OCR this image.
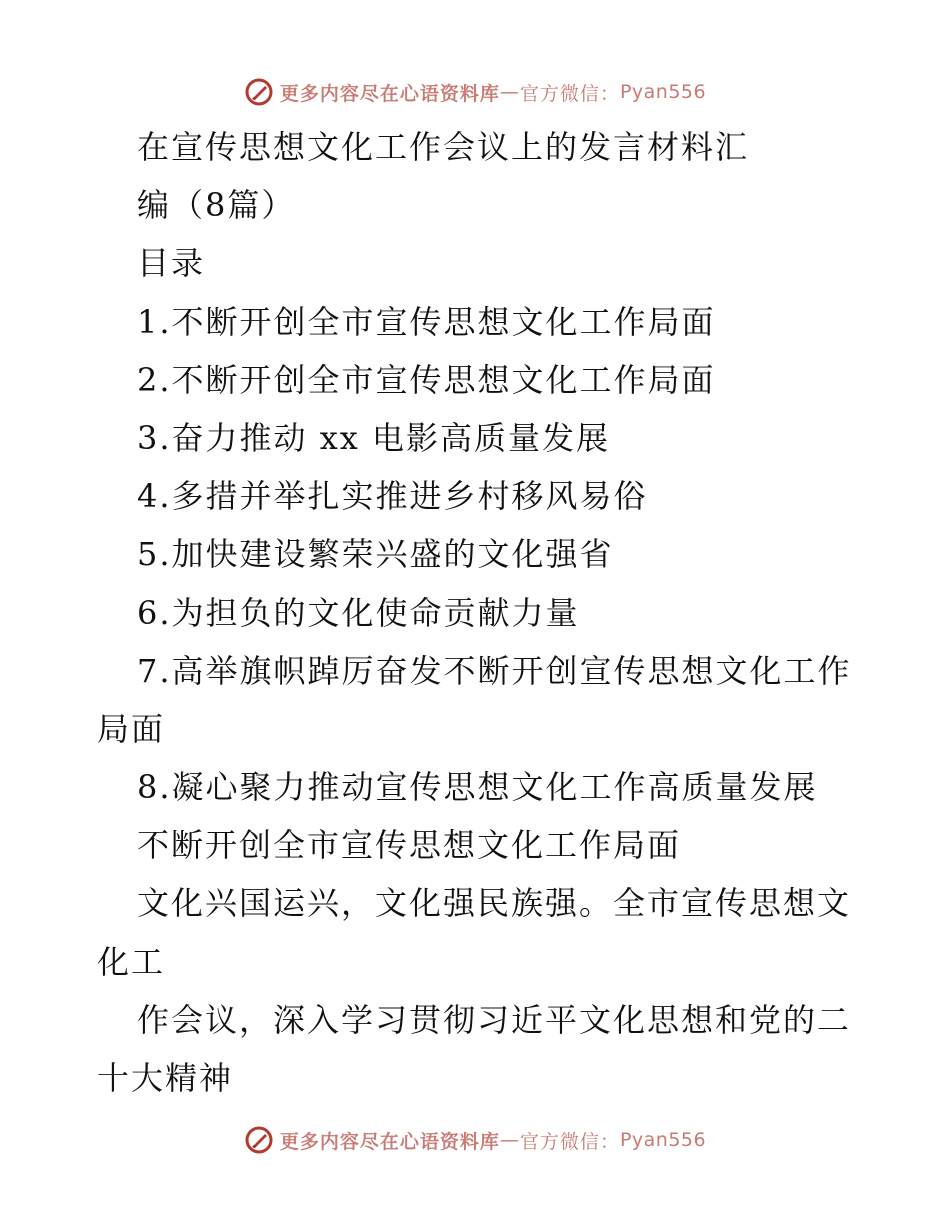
更多内容尽在心语资料库 — 官方微信： Pyan556
在宣传思想文化工作会议上的发言材料汇
编（8篇）
目录
1.不断开创全市宣传思想文化工作局面
2.不断开创全市宣传思想文化工作局面
3.奋力推动 xx 电影高质量发展
4.多措并举扎实推进乡村移风易俗
5.加快建设繁荣兴盛的文化强省
6.为担负的文化使命贡献力量
7.高举旗帜踔厉奋发不断开创宣传思想文化工作
局面
8.凝心聚力推动宣传思想文化工作高质量发展
不断开创全市宣传思想文化工作局面
文化兴国运兴，文化强民族强。全市宣传思想文
化工
作会议，深入学习贯彻习近平文化思想和党的二
十大精神
更多内容尽在心语资料库 — 官方微信： Pyan556
